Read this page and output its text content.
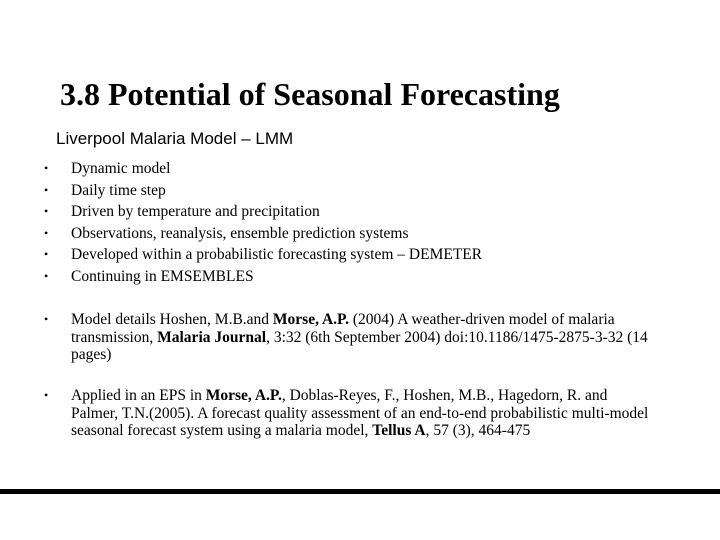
3.8 Potential of Seasonal Forecasting
Liverpool Malaria Model – LMM
• Dynamic model
• Daily time step
• Driven by temperature and precipitation
• Observations, reanalysis, ensemble prediction systems
• Developed within a probabilistic forecasting system – DEMETER
• Continuing in EMSEMBLES
• Model details Hoshen, M.B.and Morse, A.P. (2004) A weather-driven model of malaria transmission, Malaria Journal, 3:32 (6th September 2004) doi:10.1186/1475-2875-3-32 (14 pages)
• Applied in an EPS in Morse, A.P., Doblas-Reyes, F., Hoshen, M.B., Hagedorn, R. and Palmer, T.N.(2005). A forecast quality assessment of an end-to-end probabilistic multi-model seasonal forecast system using a malaria model, Tellus A, 57 (3), 464-475
